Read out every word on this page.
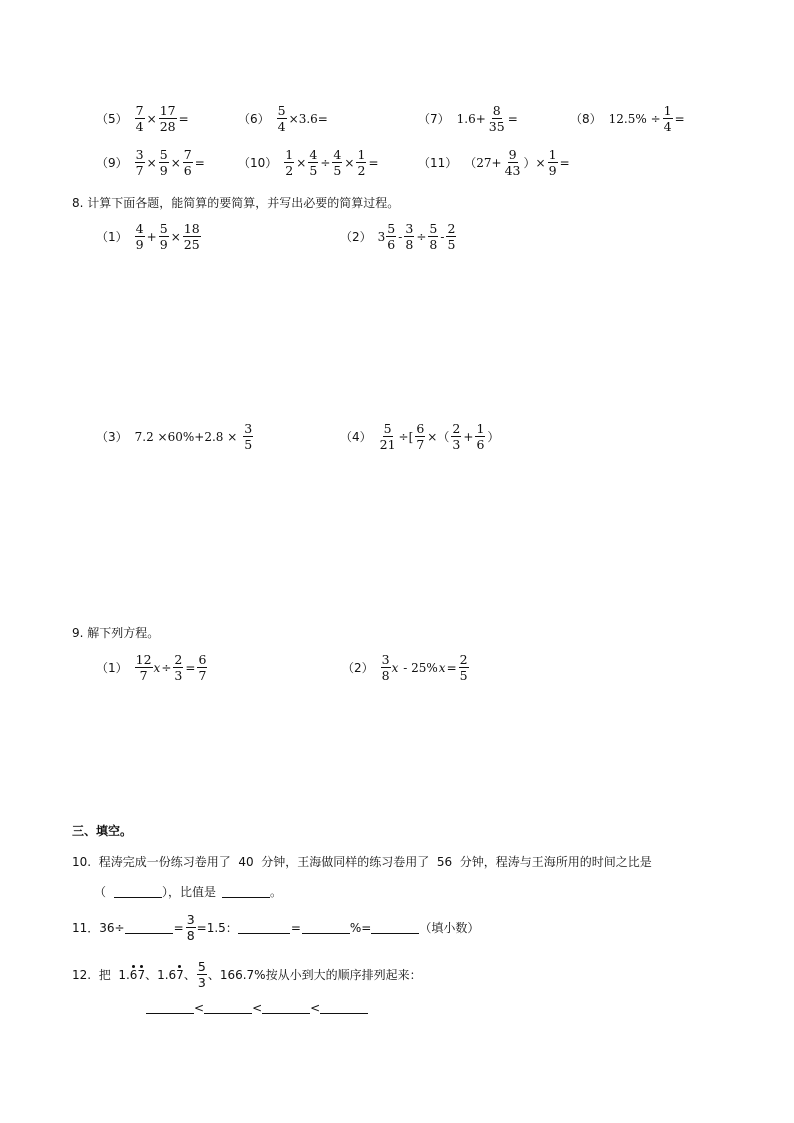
$(5) \frac{7}{4} \times \frac{17}{28}$ =	$(6) \frac{5}{4} \times 3.6=$	（7） $1.6+ \frac{8}{35}$ =	（8） $12.5\% \div \frac{1}{4}$ =
$(9) \frac{3}{7} \times \frac{5}{9} \times \frac{7}{6}$ =	$(10) \frac{1}{2} \times \frac{4}{5} \div \frac{4}{5} \times \frac{1}{2}$ =	（11） （$27+ \frac{9}{43}$ ）× $\frac{1}{9}$ =
8. 计算下面各题，能简算的要简算，并写出必要的简算过程。
$(1) \frac{4}{9} + \frac{5}{9} \times \frac{18}{25}$	（2） $3 \frac{5}{6} - \frac{3}{8} \div \frac{5}{8} - \frac{2}{5}$
（3） $7.2 \times 60\%+2.8 \times \frac{3}{5}$	$(4) \frac{5}{21}$ ÷[ $\frac{6}{7}$ ×（ $\frac{2}{3} + \frac{1}{6}$ ）
9. 解下列方程。
$(1) \frac{12}{7}$ $x \div \frac{2}{3} = \frac{6}{7}$	$(2) \frac{3}{8}$ x - 25% $x = \frac{2}{5}$
三、填空。
10.  程涛完成一份练习卷用了  40  分钟，王海做同样的练习卷用了  56  分钟，程涛与王海所用的时间之比是
（	），比值是	。
11．36÷	= $\frac{3}{8} =1.5$：	=	%=	（填小数）
12.  把  1. 6 7 、1.6 7 、 $\frac{5}{3}$ 、166.7%按从小到大的顺序排列起来：
<	<	<
